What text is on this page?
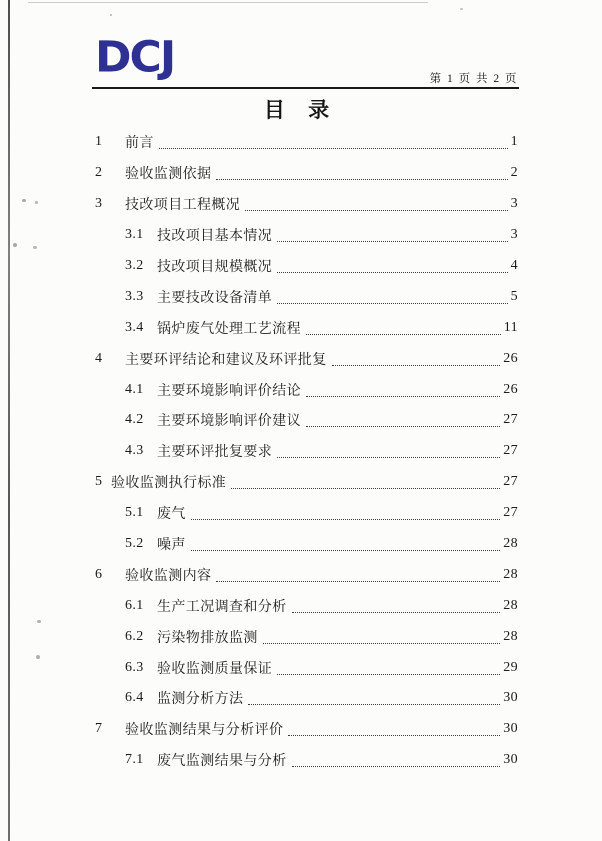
DCJ	第 1 页 共 2 页
目 录
1	前言	1
2	验收监测依据	2
3	技改项目工程概况	3
3.1 技改项目基本情况	3
3.2 技改项目规模概况	4
3.3 主要技改设备清单	5
3.4 锅炉废气处理工艺流程	11
4	主要环评结论和建议及环评批复	26
4.1 主要环境影响评价结论	26
4.2 主要环境影响评价建议	27
4.3 主要环评批复要求	27
5 验收监测执行标准	27
5.1 废气	27
5.2 噪声	28
6	验收监测内容	28
6.1 生产工况调查和分析	28
6.2 污染物排放监测	28
6.3 验收监测质量保证	29
6.4 监测分析方法	30
7	验收监测结果与分析评价	30
7.1 废气监测结果与分析	30
